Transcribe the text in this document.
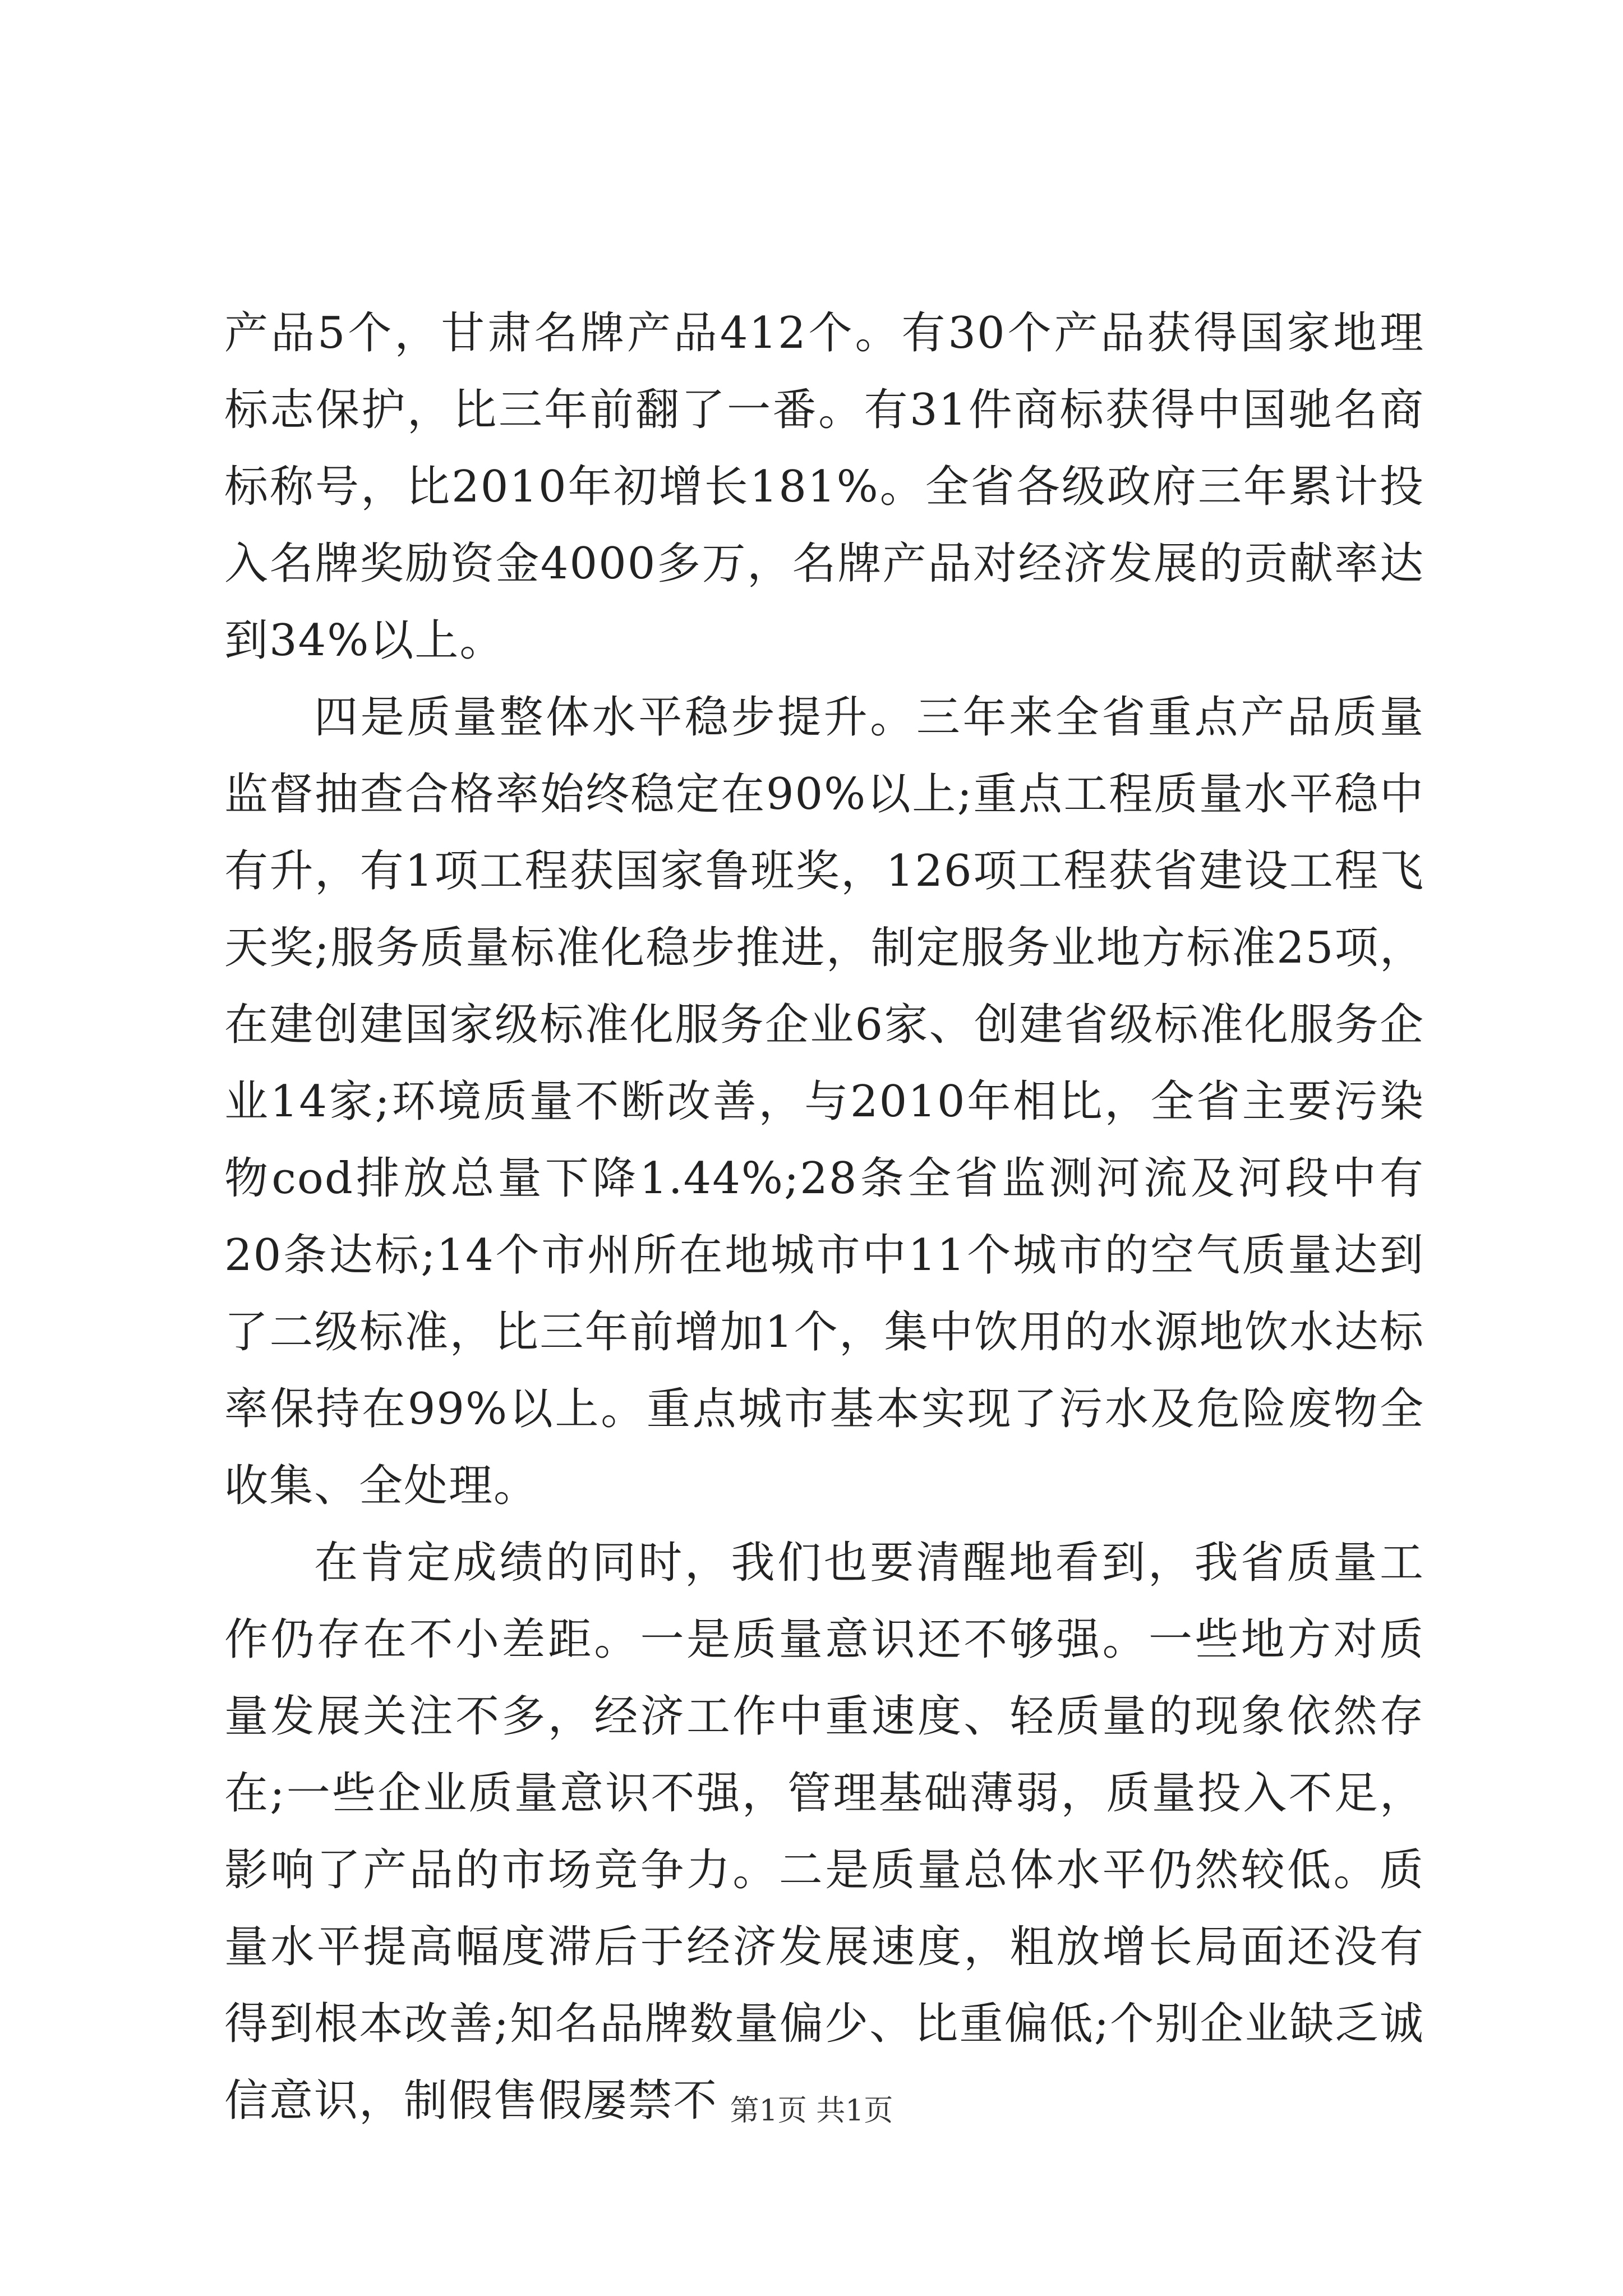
产品5个，甘肃名牌产品412个。有30个产品获得国家地理标志保护，比三年前翻了一番。有31件商标获得中国驰名商标称号，比2010年初增长181%。全省各级政府三年累计投入名牌奖励资金4000多万，名牌产品对经济发展的贡献率达到34%以上。

四是质量整体水平稳步提升。三年来全省重点产品质量监督抽查合格率始终稳定在90%以上;重点工程质量水平稳中有升，有1项工程获国家鲁班奖，126项工程获省建设工程飞天奖;服务质量标准化稳步推进，制定服务业地方标准25项，在建创建国家级标准化服务企业6家、创建省级标准化服务企业14家;环境质量不断改善，与2010年相比，全省主要污染物cod排放总量下降1.44%;28条全省监测河流及河段中有20条达标;14个市州所在地城市中11个城市的空气质量达到了二级标准，比三年前增加1个，集中饮用的水源地饮水达标率保持在99%以上。重点城市基本实现了污水及危险废物全收集、全处理。

在肯定成绩的同时，我们也要清醒地看到，我省质量工作仍存在不小差距。一是质量意识还不够强。一些地方对质量发展关注不多，经济工作中重速度、轻质量的现象依然存在;一些企业质量意识不强，管理基础薄弱，质量投入不足，影响了产品的市场竞争力。二是质量总体水平仍然较低。质量水平提高幅度滞后于经济发展速度，粗放增长局面还没有得到根本改善;知名品牌数量偏少、比重偏低;个别企业缺乏诚信意识，制假售假屡禁不 第1页 共1页
